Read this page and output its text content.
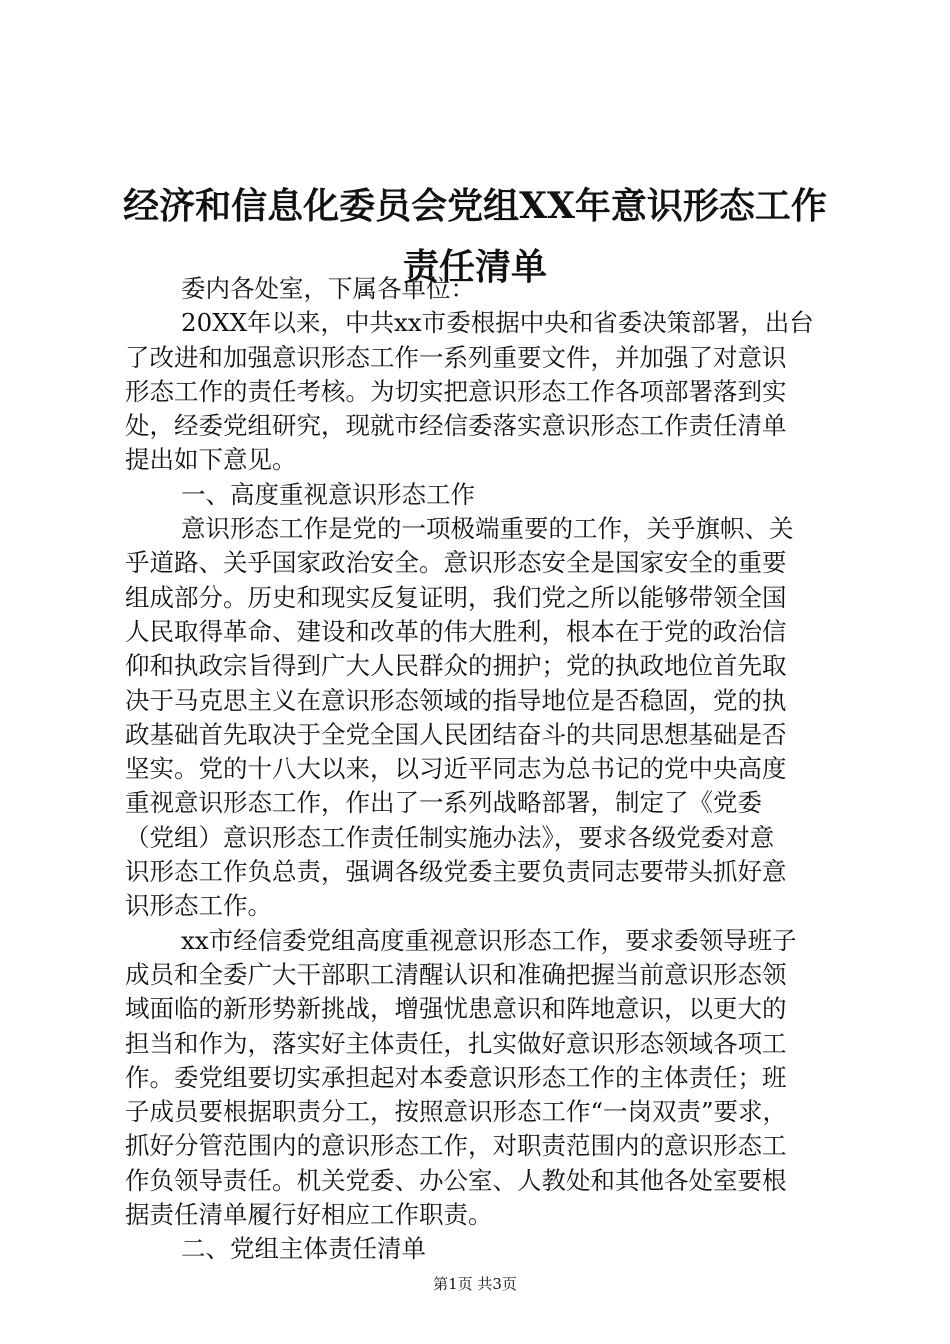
经济和信息化委员会党组XX年意识形态工作
责任清单
委内各处室，下属各单位：
20XX年以来，中共xx市委根据中央和省委决策部署，出台
了改进和加强意识形态工作一系列重要文件，并加强了对意识
形态工作的责任考核。为切实把意识形态工作各项部署落到实
处，经委党组研究，现就市经信委落实意识形态工作责任清单
提出如下意见。
一、高度重视意识形态工作
意识形态工作是党的一项极端重要的工作，关乎旗帜、关
乎道路、关乎国家政治安全。意识形态安全是国家安全的重要
组成部分。历史和现实反复证明，我们党之所以能够带领全国
人民取得革命、建设和改革的伟大胜利，根本在于党的政治信
仰和执政宗旨得到广大人民群众的拥护；党的执政地位首先取
决于马克思主义在意识形态领域的指导地位是否稳固，党的执
政基础首先取决于全党全国人民团结奋斗的共同思想基础是否
坚实。党的十八大以来，以习近平同志为总书记的党中央高度
重视意识形态工作，作出了一系列战略部署，制定了《党委
（党组）意识形态工作责任制实施办法》，要求各级党委对意
识形态工作负总责，强调各级党委主要负责同志要带头抓好意
识形态工作。
xx市经信委党组高度重视意识形态工作，要求委领导班子
成员和全委广大干部职工清醒认识和准确把握当前意识形态领
域面临的新形势新挑战，增强忧患意识和阵地意识，以更大的
担当和作为，落实好主体责任，扎实做好意识形态领域各项工
作。委党组要切实承担起对本委意识形态工作的主体责任；班
子成员要根据职责分工，按照意识形态工作“一岗双责”要求，
抓好分管范围内的意识形态工作，对职责范围内的意识形态工
作负领导责任。机关党委、办公室、人教处和其他各处室要根
据责任清单履行好相应工作职责。
二、党组主体责任清单
第1页 共3页
